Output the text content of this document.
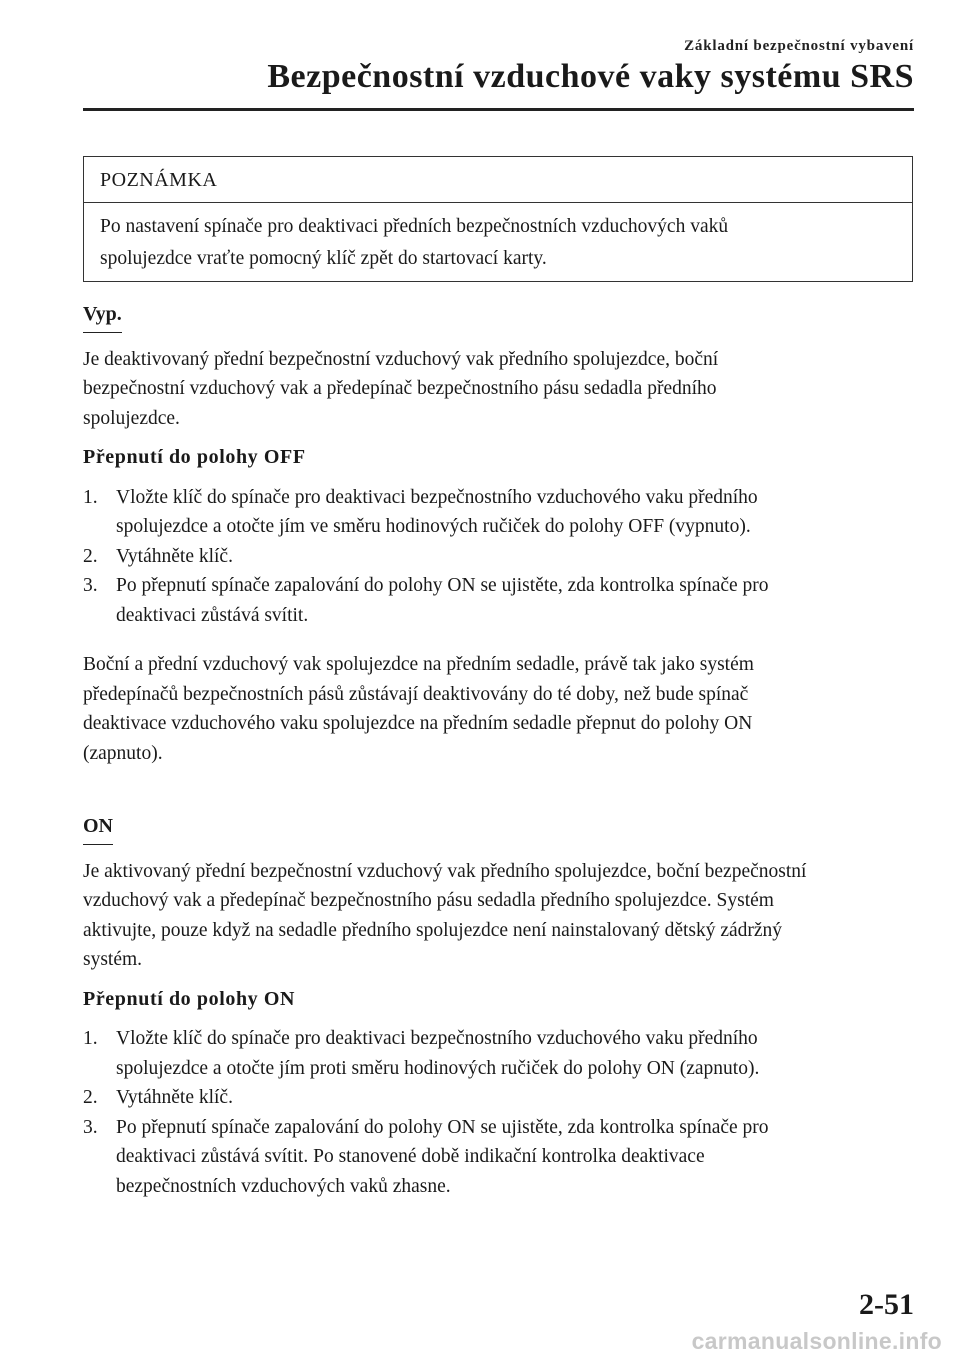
Základní bezpečnostní vybavení
Bezpečnostní vzduchové vaky systému SRS
POZNÁMKA
Po nastavení spínače pro deaktivaci předních bezpečnostních vzduchových vaků
spolujezdce vraťte pomocný klíč zpět do startovací karty.
Vyp.
Je deaktivovaný přední bezpečnostní vzduchový vak předního spolujezdce, boční
bezpečnostní vzduchový vak a předepínač bezpečnostního pásu sedadla předního
spolujezdce.
Přepnutí do polohy OFF
1. Vložte klíč do spínače pro deaktivaci bezpečnostního vzduchového vaku předního
spolujezdce a otočte jím ve směru hodinových ručiček do polohy OFF (vypnuto).
2. Vytáhněte klíč.
3. Po přepnutí spínače zapalování do polohy ON se ujistěte, zda kontrolka spínače pro
deaktivaci zůstává svítit.
Boční a přední vzduchový vak spolujezdce na předním sedadle, právě tak jako systém
předepínačů bezpečnostních pásů zůstávají deaktivovány do té doby, než bude spínač
deaktivace vzduchového vaku spolujezdce na předním sedadle přepnut do polohy ON
(zapnuto).
ON
Je aktivovaný přední bezpečnostní vzduchový vak předního spolujezdce, boční bezpečnostní
vzduchový vak a předepínač bezpečnostního pásu sedadla předního spolujezdce. Systém
aktivujte, pouze když na sedadle předního spolujezdce není nainstalovaný dětský zádržný
systém.
Přepnutí do polohy ON
1. Vložte klíč do spínače pro deaktivaci bezpečnostního vzduchového vaku předního
spolujezdce a otočte jím proti směru hodinových ručiček do polohy ON (zapnuto).
2. Vytáhněte klíč.
3. Po přepnutí spínače zapalování do polohy ON se ujistěte, zda kontrolka spínače pro
deaktivaci zůstává svítit. Po stanovené době indikační kontrolka deaktivace
bezpečnostních vzduchových vaků zhasne.
2-51
carmanualsonline.info
